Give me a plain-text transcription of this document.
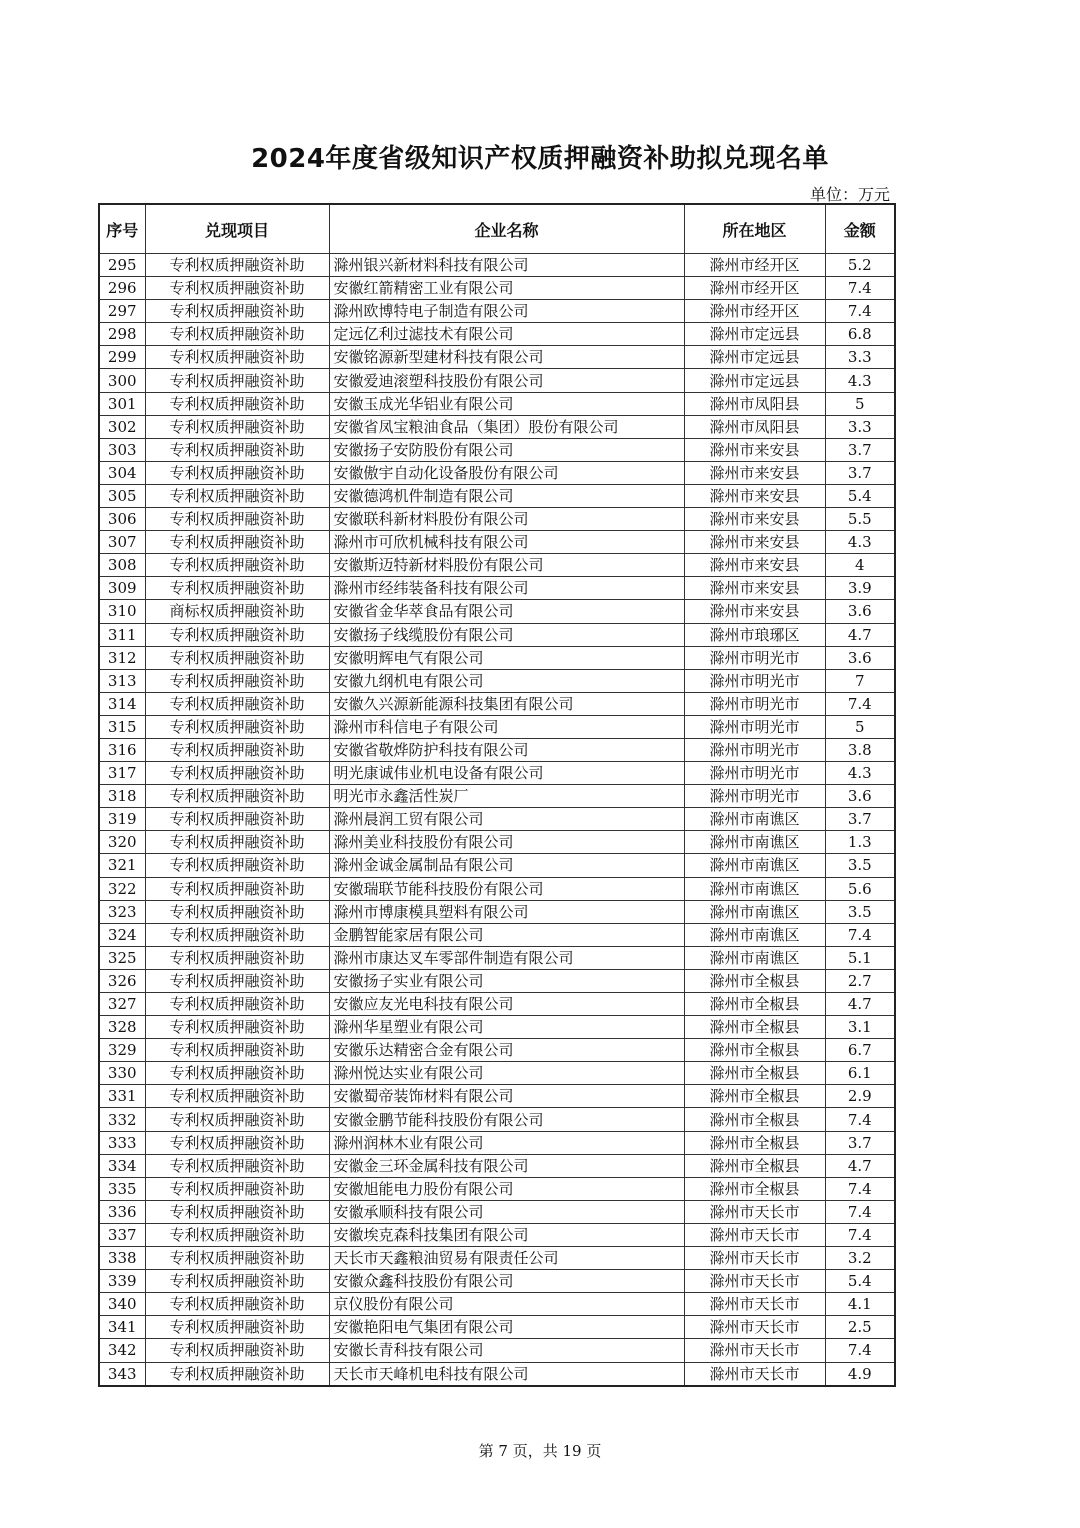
2024年度省级知识产权质押融资补助拟兑现名单
单位：万元
序号	兑现项目	企业名称	所在地区	金额
295	专利权质押融资补助	滁州银兴新材料科技有限公司	滁州市经开区	5.2
296	专利权质押融资补助	安徽红箭精密工业有限公司	滁州市经开区	7.4
297	专利权质押融资补助	滁州欧博特电子制造有限公司	滁州市经开区	7.4
298	专利权质押融资补助	定远亿利过滤技术有限公司	滁州市定远县	6.8
299	专利权质押融资补助	安徽铭源新型建材科技有限公司	滁州市定远县	3.3
300	专利权质押融资补助	安徽爱迪滚塑科技股份有限公司	滁州市定远县	4.3
301	专利权质押融资补助	安徽玉成光华铝业有限公司	滁州市凤阳县	5
302	专利权质押融资补助	安徽省凤宝粮油食品（集团）股份有限公司	滁州市凤阳县	3.3
303	专利权质押融资补助	安徽扬子安防股份有限公司	滁州市来安县	3.7
304	专利权质押融资补助	安徽傲宇自动化设备股份有限公司	滁州市来安县	3.7
305	专利权质押融资补助	安徽德鸿机件制造有限公司	滁州市来安县	5.4
306	专利权质押融资补助	安徽联科新材料股份有限公司	滁州市来安县	5.5
307	专利权质押融资补助	滁州市可欣机械科技有限公司	滁州市来安县	4.3
308	专利权质押融资补助	安徽斯迈特新材料股份有限公司	滁州市来安县	4
309	专利权质押融资补助	滁州市经纬装备科技有限公司	滁州市来安县	3.9
310	商标权质押融资补助	安徽省金华萃食品有限公司	滁州市来安县	3.6
311	专利权质押融资补助	安徽扬子线缆股份有限公司	滁州市琅琊区	4.7
312	专利权质押融资补助	安徽明辉电气有限公司	滁州市明光市	3.6
313	专利权质押融资补助	安徽九纲机电有限公司	滁州市明光市	7
314	专利权质押融资补助	安徽久兴源新能源科技集团有限公司	滁州市明光市	7.4
315	专利权质押融资补助	滁州市科信电子有限公司	滁州市明光市	5
316	专利权质押融资补助	安徽省敬烨防护科技有限公司	滁州市明光市	3.8
317	专利权质押融资补助	明光康诚伟业机电设备有限公司	滁州市明光市	4.3
318	专利权质押融资补助	明光市永鑫活性炭厂	滁州市明光市	3.6
319	专利权质押融资补助	滁州晨润工贸有限公司	滁州市南谯区	3.7
320	专利权质押融资补助	滁州美业科技股份有限公司	滁州市南谯区	1.3
321	专利权质押融资补助	滁州金诚金属制品有限公司	滁州市南谯区	3.5
322	专利权质押融资补助	安徽瑞联节能科技股份有限公司	滁州市南谯区	5.6
323	专利权质押融资补助	滁州市博康模具塑料有限公司	滁州市南谯区	3.5
324	专利权质押融资补助	金鹏智能家居有限公司	滁州市南谯区	7.4
325	专利权质押融资补助	滁州市康达叉车零部件制造有限公司	滁州市南谯区	5.1
326	专利权质押融资补助	安徽扬子实业有限公司	滁州市全椒县	2.7
327	专利权质押融资补助	安徽应友光电科技有限公司	滁州市全椒县	4.7
328	专利权质押融资补助	滁州华星塑业有限公司	滁州市全椒县	3.1
329	专利权质押融资补助	安徽乐达精密合金有限公司	滁州市全椒县	6.7
330	专利权质押融资补助	滁州悦达实业有限公司	滁州市全椒县	6.1
331	专利权质押融资补助	安徽蜀帝装饰材料有限公司	滁州市全椒县	2.9
332	专利权质押融资补助	安徽金鹏节能科技股份有限公司	滁州市全椒县	7.4
333	专利权质押融资补助	滁州润林木业有限公司	滁州市全椒县	3.7
334	专利权质押融资补助	安徽金三环金属科技有限公司	滁州市全椒县	4.7
335	专利权质押融资补助	安徽旭能电力股份有限公司	滁州市全椒县	7.4
336	专利权质押融资补助	安徽承顺科技有限公司	滁州市天长市	7.4
337	专利权质押融资补助	安徽埃克森科技集团有限公司	滁州市天长市	7.4
338	专利权质押融资补助	天长市天鑫粮油贸易有限责任公司	滁州市天长市	3.2
339	专利权质押融资补助	安徽众鑫科技股份有限公司	滁州市天长市	5.4
340	专利权质押融资补助	京仪股份有限公司	滁州市天长市	4.1
341	专利权质押融资补助	安徽艳阳电气集团有限公司	滁州市天长市	2.5
342	专利权质押融资补助	安徽长青科技有限公司	滁州市天长市	7.4
343	专利权质押融资补助	天长市天峰机电科技有限公司	滁州市天长市	4.9
第 7 页，共 19 页
